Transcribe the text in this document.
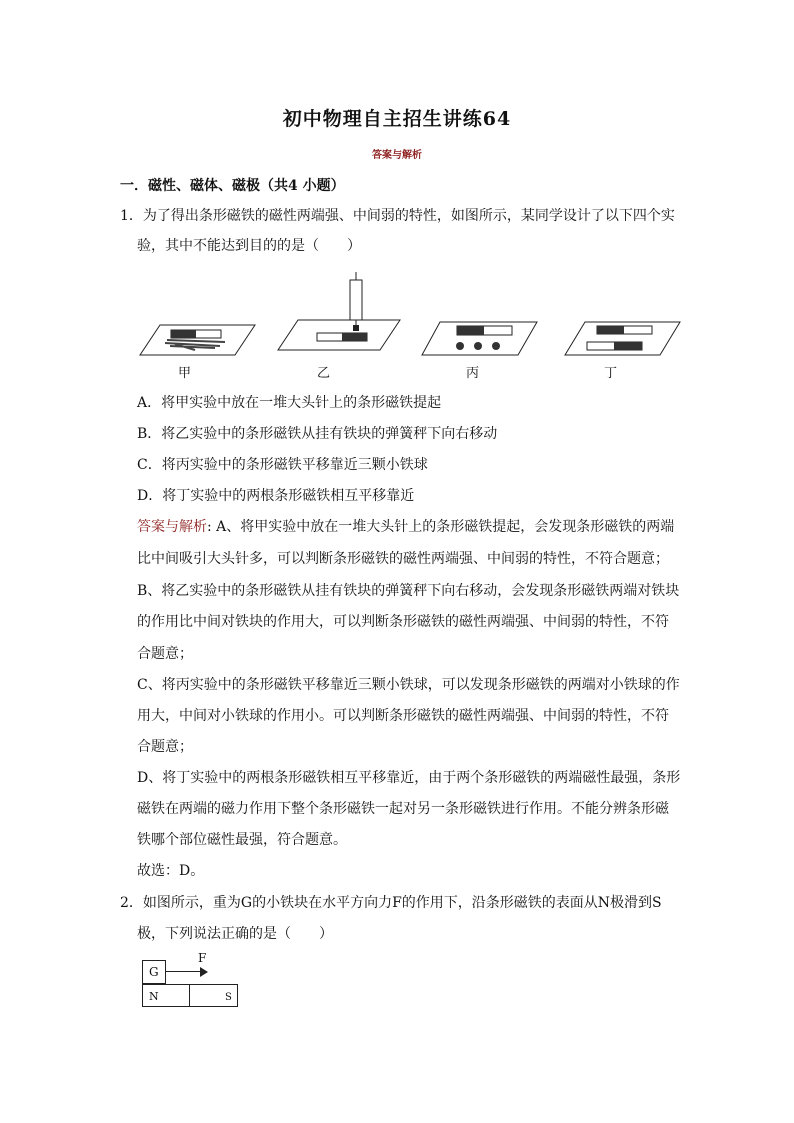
初中物理自主招生讲练64
答案与解析
一．磁性、磁体、磁极（共4 小题）
1．为了得出条形磁铁的磁性两端强、中间弱的特性，如图所示，某同学设计了以下四个实
验，其中不能达到目的的是（　　）
甲	乙	丙	丁
A．将甲实验中放在一堆大头针上的条形磁铁提起
B．将乙实验中的条形磁铁从挂有铁块的弹簧秤下向右移动
C．将丙实验中的条形磁铁平移靠近三颗小铁球
D．将丁实验中的两根条形磁铁相互平移靠近
答案与解析: A、将甲实验中放在一堆大头针上的条形磁铁提起，会发现条形磁铁的两端
比中间吸引大头针多，可以判断条形磁铁的磁性两端强、中间弱的特性，不符合题意；
B、将乙实验中的条形磁铁从挂有铁块的弹簧秤下向右移动，会发现条形磁铁两端对铁块
的作用比中间对铁块的作用大，可以判断条形磁铁的磁性两端强、中间弱的特性，不符
合题意；
C、将丙实验中的条形磁铁平移靠近三颗小铁球，可以发现条形磁铁的两端对小铁球的作
用大，中间对小铁球的作用小。可以判断条形磁铁的磁性两端强、中间弱的特性，不符
合题意；
D、将丁实验中的两根条形磁铁相互平移靠近，由于两个条形磁铁的两端磁性最强，条形
磁铁在两端的磁力作用下整个条形磁铁一起对另一条形磁铁进行作用。不能分辨条形磁
铁哪个部位磁性最强，符合题意。
故选：D。
2．如图所示，重为G的小铁块在水平方向力F的作用下，沿条形磁铁的表面从N极滑到S
极，下列说法正确的是（　　）
G
F
N	S
